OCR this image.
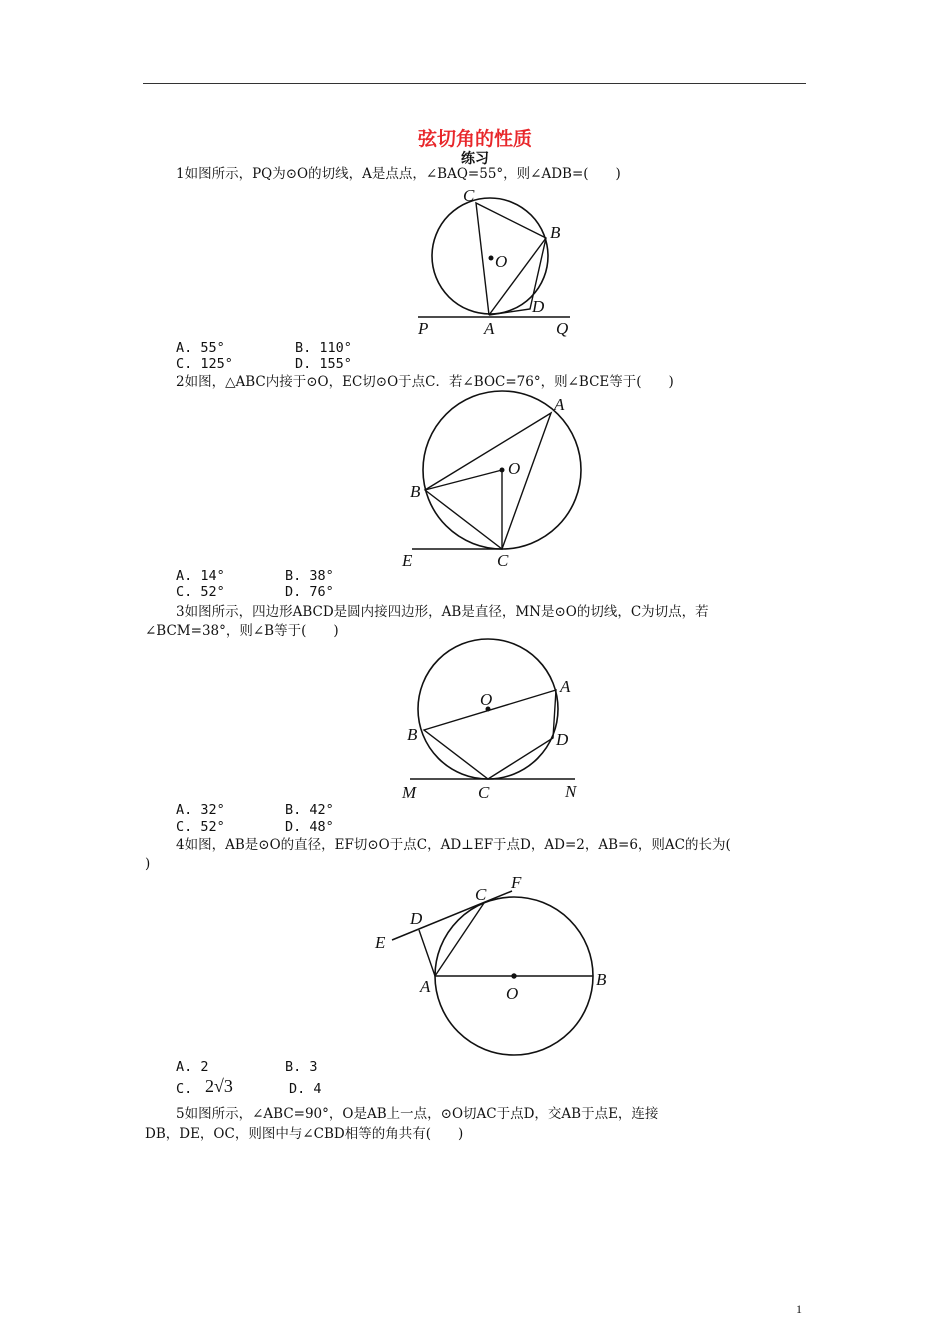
弦切角的性质
练习
1如图所示，PQ为⊙O的切线，A是点点，∠BAQ=55°，则∠ADB=(　　)
C
B
O
D
P	A	Q
A. 55°	B. 110°
C. 125°	D. 155°
2如图，△ABC内接于⊙O，EC切⊙O于点C．若∠BOC=76°，则∠BCE等于(　　)
A
O
B
E	C
A. 14°	B. 38°
C. 52°	D. 76°
3如图所示，四边形ABCD是圆内接四边形，AB是直径，MN是⊙O的切线，C为切点，若
∠BCM=38°，则∠B等于(　　)
O
A
B	D
M	C	N
A. 32°	B. 42°
C. 52°	D. 48°
4如图，AB是⊙O的直径，EF切⊙O于点C，AD⊥EF于点D，AD=2，AB=6，则AC的长为(
)
C
F
D
E
A	O
B
A. 2	B. 3
C. 2√3	D. 4
5如图所示，∠ABC=90°，O是AB上一点，⊙O切AC于点D，交AB于点E，连接
DB，DE，OC，则图中与∠CBD相等的角共有(　　)
1
